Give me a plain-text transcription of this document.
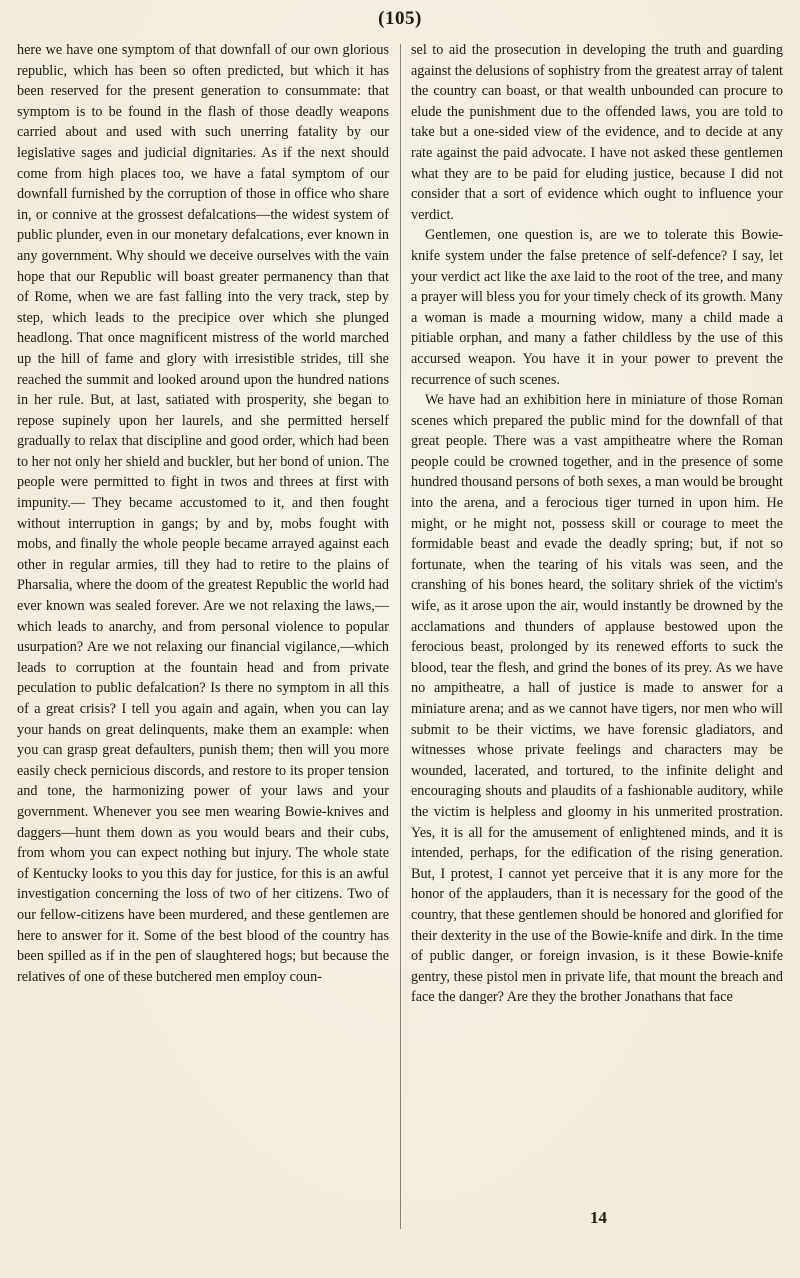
(105)

here we have one symptom of that downfall of our own glorious republic, which has been so often predicted, but which it has been reserved for the present generation to consummate: that symptom is to be found in the flash of those deadly weapons carried about and used with such unerring fatality by our legislative sages and judicial dignitaries. As if the next should come from high places too, we have a fatal symptom of our downfall furnished by the corruption of those in office who share in, or connive at the grossest defalcations—the widest system of public plunder, even in our monetary defalcations, ever known in any government. Why should we deceive ourselves with the vain hope that our Republic will boast greater permanency than that of Rome, when we are fast falling into the very track, step by step, which leads to the precipice over which she plunged headlong. That once magnificent mistress of the world marched up the hill of fame and glory with irresistible strides, till she reached the summit and looked around upon the hundred nations in her rule. But, at last, satiated with prosperity, she began to repose supinely upon her laurels, and she permitted herself gradually to relax that discipline and good order, which had been to her not only her shield and buckler, but her bond of union. The people were permitted to fight in twos and threes at first with impunity.— They became accustomed to it, and then fought without interruption in gangs; by and by, mobs fought with mobs, and finally the whole people became arrayed against each other in regular armies, till they had to retire to the plains of Pharsalia, where the doom of the greatest Republic the world had ever known was sealed forever. Are we not relaxing the laws,—which leads to anarchy, and from personal violence to popular usurpation? Are we not relaxing our financial vigilance,—which leads to corruption at the fountain head and from private peculation to public defalcation? Is there no symptom in all this of a great crisis? I tell you again and again, when you can lay your hands on great delinquents, make them an example: when you can grasp great defaulters, punish them; then will you more easily check pernicious discords, and restore to its proper tension and tone, the harmonizing power of your laws and your government. Whenever you see men wearing Bowie-knives and daggers—hunt them down as you would bears and their cubs, from whom you can expect nothing but injury. The whole state of Kentucky looks to you this day for justice, for this is an awful investigation concerning the loss of two of her citizens. Two of our fellow-citizens have been murdered, and these gentlemen are here to answer for it. Some of the best blood of the country has been spilled as if in the pen of slaughtered hogs; but because the relatives of one of these butchered men employ coun-

sel to aid the prosecution in developing the truth and guarding against the delusions of sophistry from the greatest array of talent the country can boast, or that wealth unbounded can procure to elude the punishment due to the offended laws, you are told to take but a one-sided view of the evidence, and to decide at any rate against the paid advocate. I have not asked these gentlemen what they are to be paid for eluding justice, because I did not consider that a sort of evidence which ought to influence your verdict.

Gentlemen, one question is, are we to tolerate this Bowie-knife system under the false pretence of self-defence? I say, let your verdict act like the axe laid to the root of the tree, and many a prayer will bless you for your timely check of its growth. Many a woman is made a mourning widow, many a child made a pitiable orphan, and many a father childless by the use of this accursed weapon. You have it in your power to prevent the recurrence of such scenes.

We have had an exhibition here in miniature of those Roman scenes which prepared the public mind for the downfall of that great people. There was a vast ampitheatre where the Roman people could be crowned together, and in the presence of some hundred thousand persons of both sexes, a man would be brought into the arena, and a ferocious tiger turned in upon him. He might, or he might not, possess skill or courage to meet the formidable beast and evade the deadly spring; but, if not so fortunate, when the tearing of his vitals was seen, and the cranshing of his bones heard, the solitary shriek of the victim's wife, as it arose upon the air, would instantly be drowned by the acclamations and thunders of applause bestowed upon the ferocious beast, prolonged by its renewed efforts to suck the blood, tear the flesh, and grind the bones of its prey. As we have no ampitheatre, a hall of justice is made to answer for a miniature arena; and as we cannot have tigers, nor men who will submit to be their victims, we have forensic gladiators, and witnesses whose private feelings and characters may be wounded, lacerated, and tortured, to the infinite delight and encouraging shouts and plaudits of a fashionable auditory, while the victim is helpless and gloomy in his unmerited prostration. Yes, it is all for the amusement of enlightened minds, and it is intended, perhaps, for the edification of the rising generation. But, I protest, I cannot yet perceive that it is any more for the honor of the applauders, than it is necessary for the good of the country, that these gentlemen should be honored and glorified for their dexterity in the use of the Bowie-knife and dirk. In the time of public danger, or foreign invasion, is it these Bowie-knife gentry, these pistol men in private life, that mount the breach and face the danger? Are they the brother Jonathans that face

14
